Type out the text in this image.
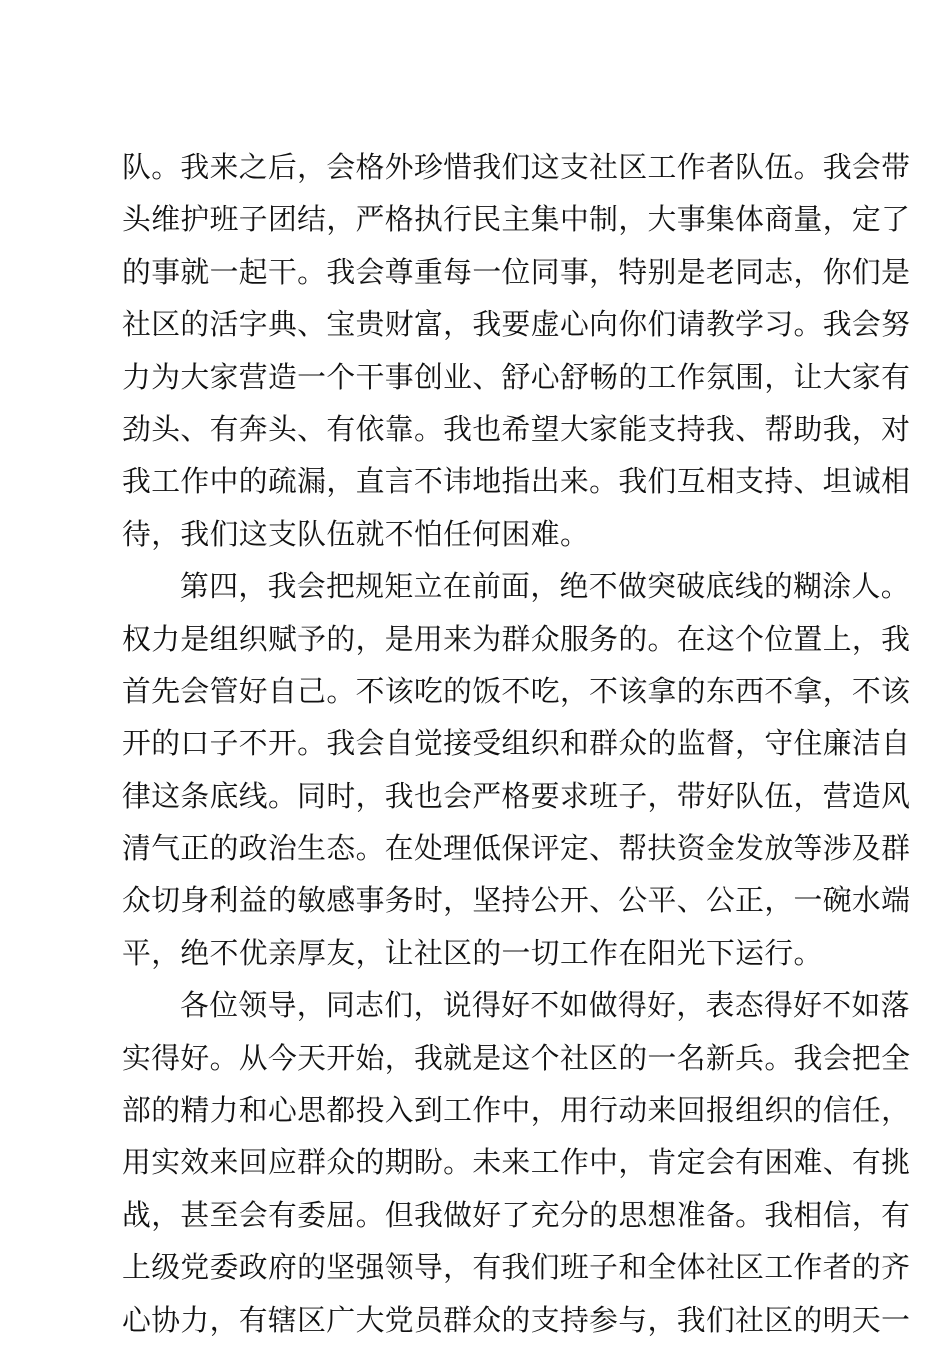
队。我来之后，会格外珍惜我们这支社区工作者队伍。我会带
头维护班子团结，严格执行民主集中制，大事集体商量，定了
的事就一起干。我会尊重每一位同事，特别是老同志，你们是
社区的活字典、宝贵财富，我要虚心向你们请教学习。我会努
力为大家营造一个干事创业、舒心舒畅的工作氛围，让大家有
劲头、有奔头、有依靠。我也希望大家能支持我、帮助我，对
我工作中的疏漏，直言不讳地指出来。我们互相支持、坦诚相
待，我们这支队伍就不怕任何困难。
第四，我会把规矩立在前面，绝不做突破底线的糊涂人。
权力是组织赋予的，是用来为群众服务的。在这个位置上，我
首先会管好自己。不该吃的饭不吃，不该拿的东西不拿，不该
开的口子不开。我会自觉接受组织和群众的监督，守住廉洁自
律这条底线。同时，我也会严格要求班子，带好队伍，营造风
清气正的政治生态。在处理低保评定、帮扶资金发放等涉及群
众切身利益的敏感事务时，坚持公开、公平、公正，一碗水端
平，绝不优亲厚友，让社区的一切工作在阳光下运行。
各位领导，同志们，说得好不如做得好，表态得好不如落
实得好。从今天开始，我就是这个社区的一名新兵。我会把全
部的精力和心思都投入到工作中，用行动来回报组织的信任，
用实效来回应群众的期盼。未来工作中，肯定会有困难、有挑
战，甚至会有委屈。但我做好了充分的思想准备。我相信，有
上级党委政府的坚强领导，有我们班子和全体社区工作者的齐
心协力，有辖区广大党员群众的支持参与，我们社区的明天一
